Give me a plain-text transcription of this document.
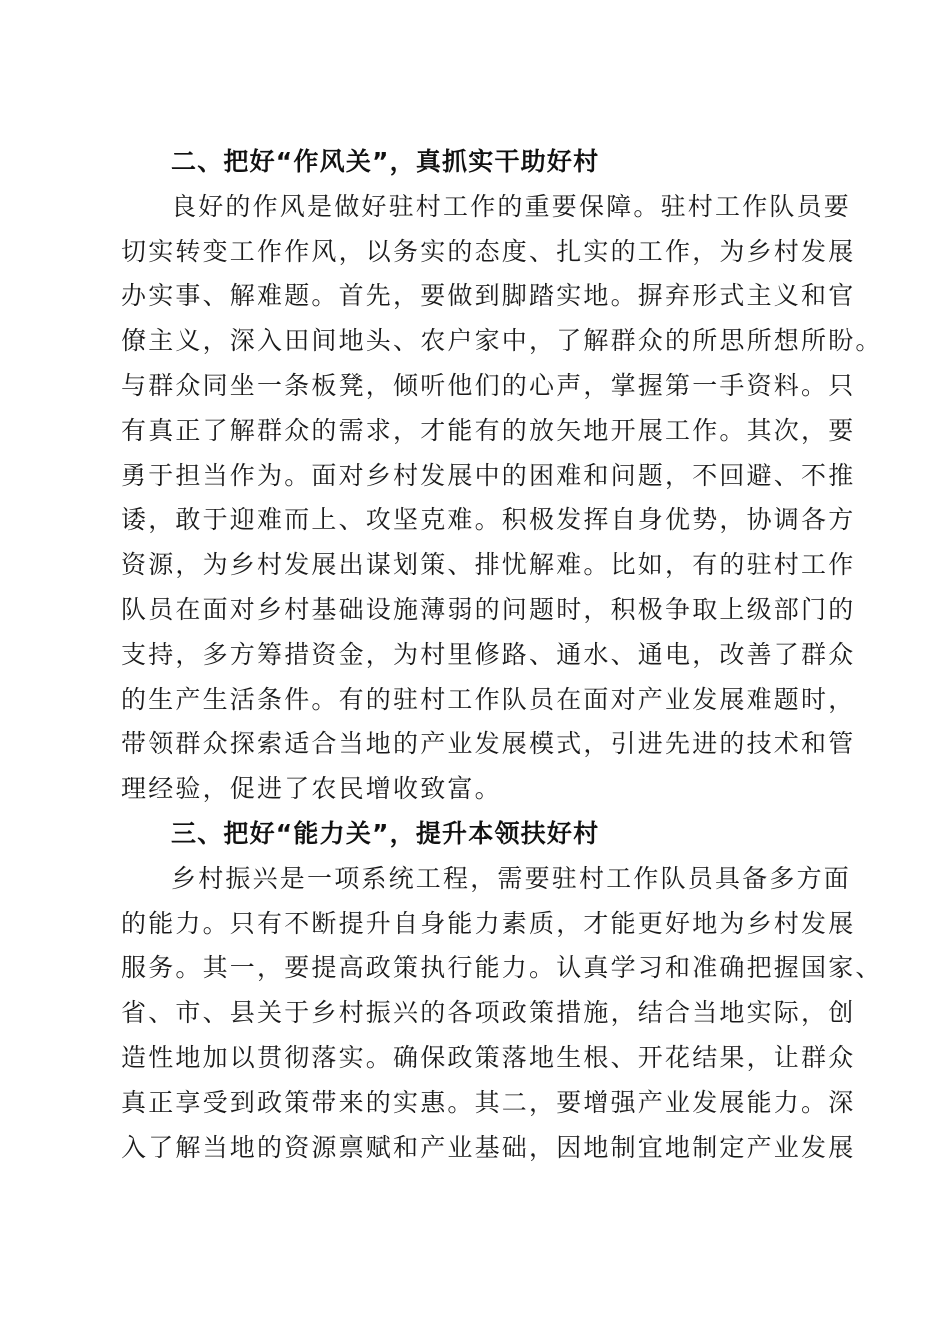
二、把好“作风关”，真抓实干助好村
良好的作风是做好驻村工作的重要保障。驻村工作队员要
切实转变工作作风，以务实的态度、扎实的工作，为乡村发展
办实事、解难题。首先，要做到脚踏实地。摒弃形式主义和官
僚主义，深入田间地头、农户家中，了解群众的所思所想所盼。
与群众同坐一条板凳，倾听他们的心声，掌握第一手资料。只
有真正了解群众的需求，才能有的放矢地开展工作。其次，要
勇于担当作为。面对乡村发展中的困难和问题，不回避、不推
诿，敢于迎难而上、攻坚克难。积极发挥自身优势，协调各方
资源，为乡村发展出谋划策、排忧解难。比如，有的驻村工作
队员在面对乡村基础设施薄弱的问题时，积极争取上级部门的
支持，多方筹措资金，为村里修路、通水、通电，改善了群众
的生产生活条件。有的驻村工作队员在面对产业发展难题时，
带领群众探索适合当地的产业发展模式，引进先进的技术和管
理经验，促进了农民增收致富。
三、把好“能力关”，提升本领扶好村
乡村振兴是一项系统工程，需要驻村工作队员具备多方面
的能力。只有不断提升自身能力素质，才能更好地为乡村发展
服务。其一，要提高政策执行能力。认真学习和准确把握国家、
省、市、县关于乡村振兴的各项政策措施，结合当地实际，创
造性地加以贯彻落实。确保政策落地生根、开花结果，让群众
真正享受到政策带来的实惠。其二，要增强产业发展能力。深
入了解当地的资源禀赋和产业基础，因地制宜地制定产业发展
